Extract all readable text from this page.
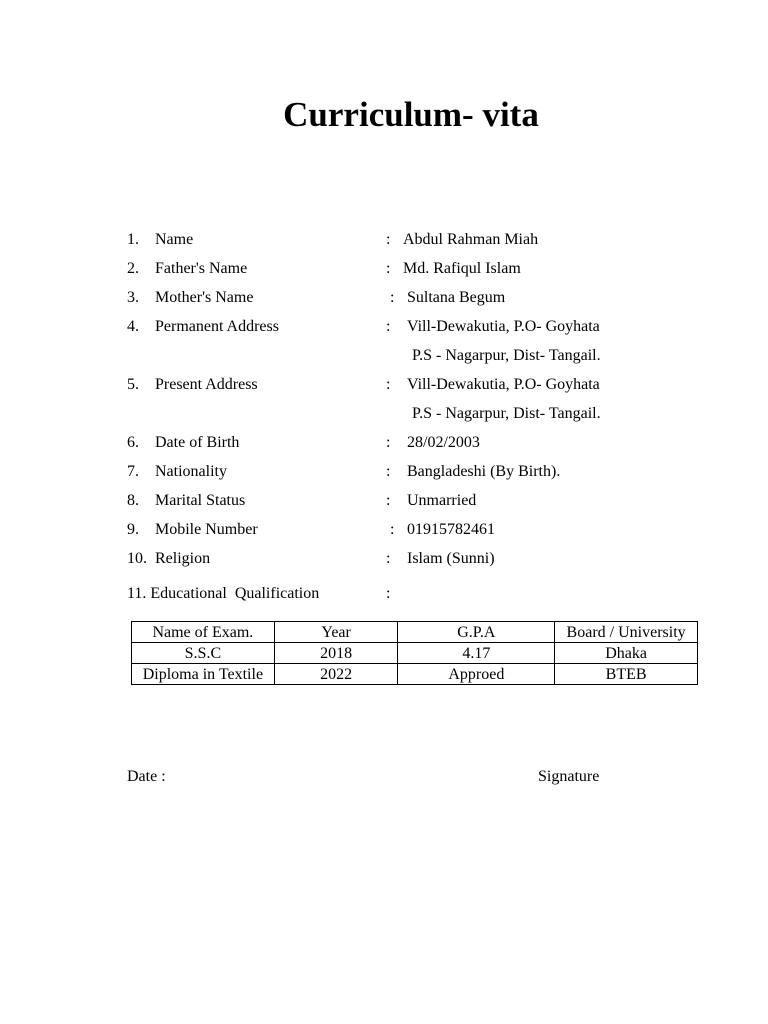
Curriculum- vita
1. Name	: Abdul Rahman Miah
2. Father's Name	: Md. Rafiqul Islam
3. Mother's Name	: Sultana Begum
4. Permanent Address	: Vill-Dewakutia, P.O- Goyhata
P.S - Nagarpur, Dist- Tangail.
5. Present Address	: Vill-Dewakutia, P.O- Goyhata
P.S - Nagarpur, Dist- Tangail.
6. Date of Birth	: 28/02/2003
7. Nationality	: Bangladeshi (By Birth).
8. Marital Status	: Unmarried
9. Mobile Number	: 01915782461
10. Religion	: Islam (Sunni)
11. Educational  Qualification	:
Name of Exam.	Year	G.P.A	Board / University
S.S.C	2018	4.17	Dhaka
Diploma in Textile	2022	Approed	BTEB
Date :	Signature
